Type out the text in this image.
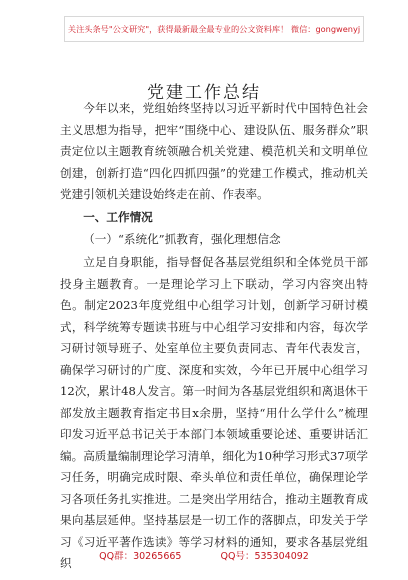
关注头条号"公文研究"，获得最新最全最专业的公文资料库！ 微信：gongwenyj
党建工作总结

今年以来，党组始终坚持以习近平新时代中国特色社会主义思想为指导，把牢“围绕中心、建设队伍、服务群众”职责定位以主题教育统领融合机关党建、模范机关和文明单位创建，创新打造“四化四抓四强”的党建工作模式，推动机关党建引领机关建设始终走在前、作表率。

一、工作情况
（一）“系统化”抓教育，强化理想信念

立足自身职能，指导督促各基层党组织和全体党员干部投身主题教育。一是理论学习上下联动，学习内容突出特色。制定2023年度党组中心组学习计划，创新学习研讨模式，科学统筹专题读书班与中心组学习安排和内容，每次学习研讨领导班子、处室单位主要负责同志、青年代表发言，确保学习研讨的广度、深度和实效，今年已开展中心组学习12次，累计48人发言。第一时间为各基层党组织和离退休干部发放主题教育指定书目x余册，坚持“用什么学什么”梳理印发习近平总书记关于本部门本领域重要论述、重要讲话汇编。高质量编制理论学习清单，细化为10种学习形式37项学习任务，明确完成时限、牵头单位和责任单位，确保理论学习各项任务扎实推进。二是突出学用结合，推动主题教育成果向基层延伸。坚持基层是一切工作的落脚点，印发关于学习《习近平著作选读》等学习材料的通知，要求各基层党组织	QQ群：30265665	QQ号：535304092
